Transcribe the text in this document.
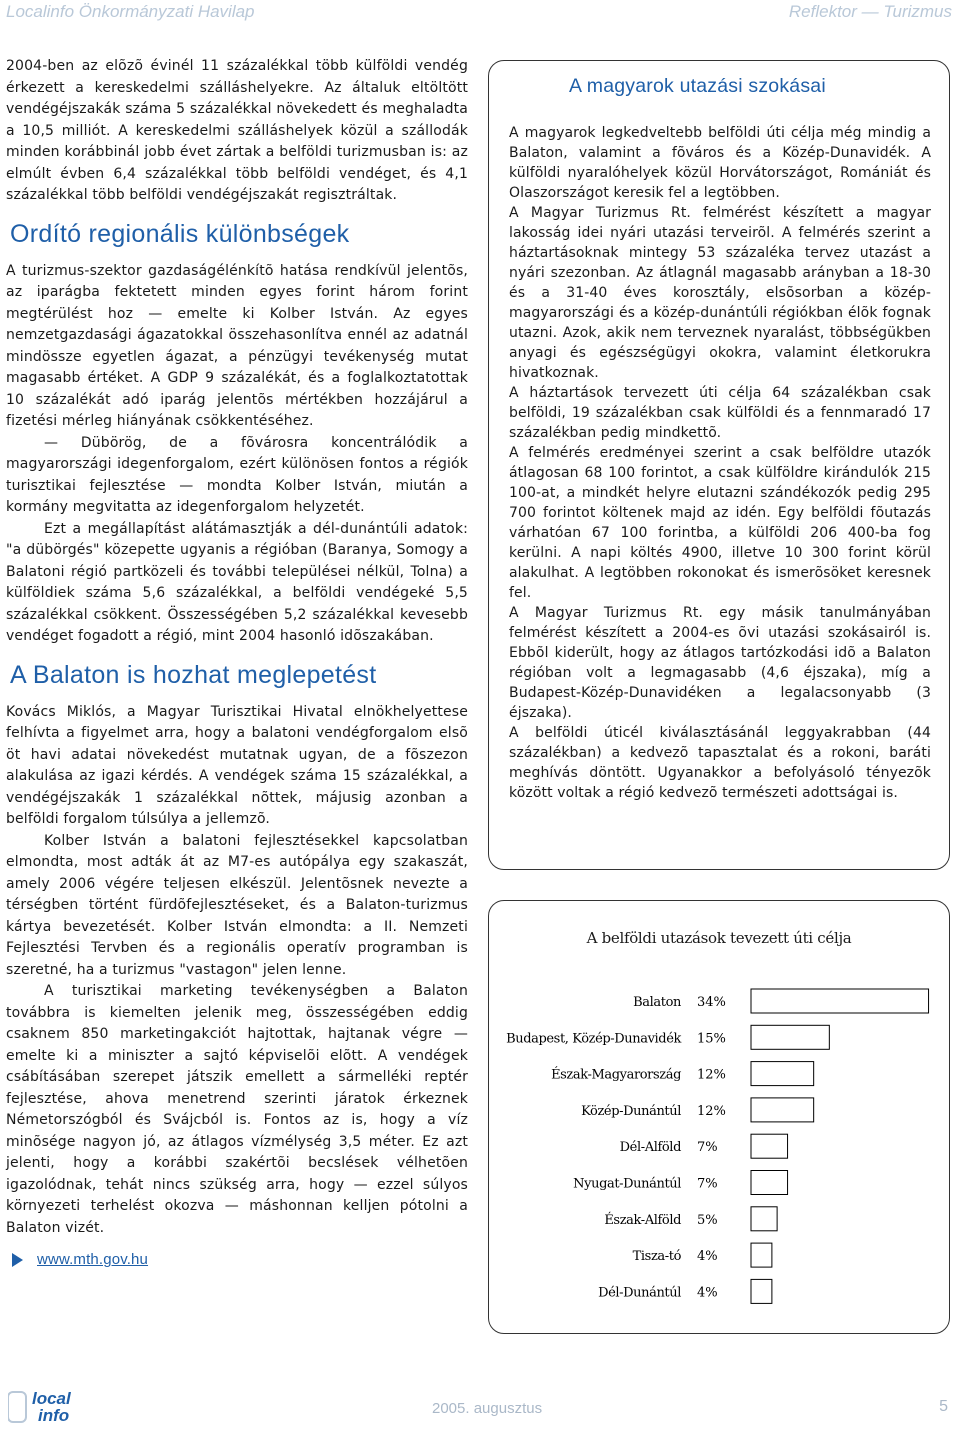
Localinfo Önkormányzati Havilap	Reflektor — Turizmus

2004-ben az elõzõ évinél 11 százalékkal több külföldi vendég érkezett a kereskedelmi szálláshelyekre. Az általuk eltöltött vendégéjszakák száma 5 százalékkal növekedett és meghaladta a 10,5 milliót. A kereskedelmi szálláshelyek közül a szállodák minden korábbinál jobb évet zártak a belföldi turizmusban is: az elmúlt évben 6,4 százalékkal több belföldi vendéget, és 4,1 százalékkal több belföldi vendégéjszakát regisztráltak.

Ordító regionális különbségek

A turizmus-szektor gazdaságélénkítõ hatása rendkívül jelentõs, az iparágba fektetett minden egyes forint három forint megtérülést hoz — emelte ki Kolber István. Az egyes nemzetgazdasági ágazatokkal összehasonlítva ennél az adatnál mindössze egyetlen ágazat, a pénzügyi tevékenység mutat magasabb értéket. A GDP 9 százalékát, és a foglalkoztatottak 10 százalékát adó iparág jelentõs mértékben hozzájárul a fizetési mérleg hiányának csökkentéséhez.

— Dübörög, de a fõvárosra koncentrálódik a magyarországi idegenforgalom, ezért különösen fontos a régiók turisztikai fejlesztése — mondta Kolber István, miután a kormány megvitatta az idegenforgalom helyzetét.

Ezt a megállapítást alátámasztják a dél-dunántúli adatok: "a dübörgés" közepette ugyanis a régióban (Baranya, Somogy a Balatoni régió partközeli és további települései nélkül, Tolna) a külföldiek száma 5,6 százalékkal, a belföldi vendégeké 5,5 százalékkal csökkent. Összességében 5,2 százalékkal kevesebb vendéget fogadott a régió, mint 2004 hasonló idõszakában.

A Balaton is hozhat meglepetést

Kovács Miklós, a Magyar Turisztikai Hivatal elnökhelyettese felhívta a figyelmet arra, hogy a balatoni vendégforgalom elsõ öt havi adatai növekedést mutatnak ugyan, de a fõszezon alakulása az igazi kérdés. A vendégek száma 15 százalékkal, a vendégéjszakák 1 százalékkal nõttek, májusig azonban a belföldi forgalom túlsúlya a jellemzõ.

Kolber István a balatoni fejlesztésekkel kapcsolatban elmondta, most adták át az M7-es autópálya egy szakaszát, amely 2006 végére teljesen elkészül. Jelentõsnek nevezte a térségben történt fürdõfejlesztéseket, és a Balaton-turizmus kártya bevezetését. Kolber István elmondta: a II. Nemzeti Fejlesztési Tervben és a regionális operatív programban is szeretné, ha a turizmus "vastagon" jelen lenne.

A turisztikai marketing tevékenységben a Balaton továbbra is kiemelten jelenik meg, összességében eddig csaknem 850 marketingakciót hajtottak, hajtanak végre — emelte ki a miniszter a sajtó képviselõi elõtt. A vendégek csábításában szerepet játszik emellett a sármelléki reptér fejlesztése, ahova menetrend szerinti járatok érkeznek Németorszógból és Svájcból is. Fontos az is, hogy a víz minõsége nagyon jó, az átlagos vízmélység 3,5 méter. Ez azt jelenti, hogy a korábbi szakértõi becslések vélhetõen igazolódnak, tehát nincs szükség arra, hogy — ezzel súlyos környezeti terhelést okozva — máshonnan kelljen pótolni a Balaton vizét.

www.mth.gov.hu
A magyarok utazási szokásai

A magyarok legkedveltebb belföldi úti célja még mindig a Balaton, valamint a fõváros és a Közép-Dunavidék. A külföldi nyaralóhelyek közül Horvátországot, Romániát és Olaszországot keresik fel a legtöbben.

A Magyar Turizmus Rt. felmérést készített a magyar lakosság idei nyári utazási terveirõl. A felmérés szerint a háztartásoknak mintegy 53 százaléka tervez utazást a nyári szezonban. Az átlagnál magasabb arányban a 18-30 és a 31-40 éves korosztály, elsõsorban a közép-magyarországi és a közép-dunántúli régiókban élõk fognak utazni. Azok, akik nem terveznek nyaralást, többségükben anyagi és egészségügyi okokra, valamint életkorukra hivatkoznak.

A háztartások tervezett úti célja 64 százalékban csak belföldi, 19 százalékban csak külföldi és a fennmaradó 17 százalékban pedig mindkettõ.

A felmérés eredményei szerint a csak belföldre utazók átlagosan 68 100 forintot, a csak külföldre kirándulók 215 100-at, a mindkét helyre elutazni szándékozók pedig 295 700 forintot költenek majd az idén. Egy belföldi fõutazás várhatóan 67 100 forintba, a külföldi 206 400-ba fog kerülni. A napi költés 4900, illetve 10 300 forint körül alakulhat. A legtöbben rokonokat és ismerõsöket keresnek fel.

A Magyar Turizmus Rt. egy másik tanulmányában felmérést készített a 2004-es õvi utazási szokásairól is. Ebbõl kiderült, hogy az átlagos tartózkodási idõ a Balaton régióban volt a legmagasabb (4,6 éjszaka), míg a Budapest-Közép-Dunavidéken a legalacsonyabb (3 éjszaka).

A belföldi úticél kiválasztásánál leggyakrabban (44 százalékban) a kedvezõ tapasztalat és a rokoni, baráti meghívás döntött. Ugyanakkor a befolyásoló tényezõk között voltak a régió kedvezõ természeti adottságai is.

A belföldi utazások tevezett úti célja
Balaton 34%
Budapest, Közép-Dunavidék 15%
Észak-Magyarország 12%
Közép-Dunántúl 12%
Dél-Alföld 7%
Nyugat-Dunántúl 7%
Észak-Alföld 5%
Tisza-tó 4%
Dél-Dunántúl 4%
local
info	2005. augusztus	5
